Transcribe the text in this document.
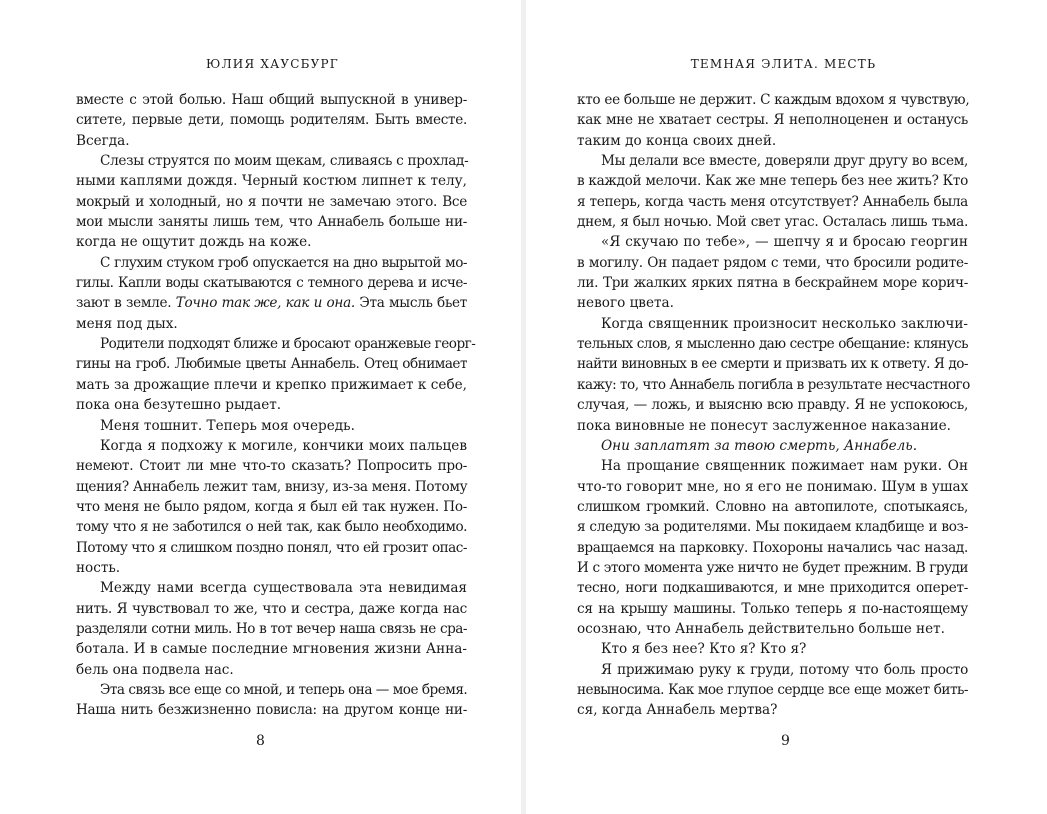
ЮЛИЯ ХАУСБУРГ
вместе с этой болью. Наш общий выпускной в универ-
ситете, первые дети, помощь родителям. Быть вместе.
Всегда.
Слезы струятся по моим щекам, сливаясь с прохлад-
ными каплями дождя. Черный костюм липнет к телу,
мокрый и холодный, но я почти не замечаю этого. Все
мои мысли заняты лишь тем, что Аннабель больше ни-
когда не ощутит дождь на коже.
С глухим стуком гроб опускается на дно вырытой мо-
гилы. Капли воды скатываются с темного дерева и исче-
зают в земле. Точно так же, как и она. Эта мысль бьет
меня под дых.
Родители подходят ближе и бросают оранжевые георг-
гины на гроб. Любимые цветы Аннабель. Отец обнимает
мать за дрожащие плечи и крепко прижимает к себе,
пока она безутешно рыдает.
Меня тошнит. Теперь моя очередь.
Когда я подхожу к могиле, кончики моих пальцев
немеют. Стоит ли мне что-то сказать? Попросить про-
щения? Аннабель лежит там, внизу, из-за меня. Потому
что меня не было рядом, когда я был ей так нужен. По-
тому что я не заботился о ней так, как было необходимо.
Потому что я слишком поздно понял, что ей грозит опас-
ность.
Между нами всегда существовала эта невидимая
нить. Я чувствовал то же, что и сестра, даже когда нас
разделяли сотни миль. Но в тот вечер наша связь не сра-
ботала. И в самые последние мгновения жизни Анна-
бель она подвела нас.
Эта связь все еще со мной, и теперь она — мое бремя.
Наша нить безжизненно повисла: на другом конце ни-
8
ТЕМНАЯ ЭЛИТА. МЕСТЬ
кто ее больше не держит. С каждым вдохом я чувствую,
как мне не хватает сестры. Я неполноценен и останусь
таким до конца своих дней.
Мы делали все вместе, доверяли друг другу во всем,
в каждой мелочи. Как же мне теперь без нее жить? Кто
я теперь, когда часть меня отсутствует? Аннабель была
днем, я был ночью. Мой свет угас. Осталась лишь тьма.
«Я скучаю по тебе», — шепчу я и бросаю георгин
в могилу. Он падает рядом с теми, что бросили родите-
ли. Три жалких ярких пятна в бескрайнем море корич-
невого цвета.
Когда священник произносит несколько заключи-
тельных слов, я мысленно даю сестре обещание: клянусь
найти виновных в ее смерти и призвать их к ответу. Я до-
кажу: то, что Аннабель погибла в результате несчастного
случая, — ложь, и выясню всю правду. Я не успокоюсь,
пока виновные не понесут заслуженное наказание.
Они заплатят за твою смерть, Аннабель.
На прощание священник пожимает нам руки. Он
что-то говорит мне, но я его не понимаю. Шум в ушах
слишком громкий. Словно на автопилоте, спотыкаясь,
я следую за родителями. Мы покидаем кладбище и воз-
вращаемся на парковку. Похороны начались час назад.
И с этого момента уже ничто не будет прежним. В груди
тесно, ноги подкашиваются, и мне приходится оперет-
ся на крышу машины. Только теперь я по-настоящему
осознаю, что Аннабель действительно больше нет.
Кто я без нее? Кто я? Кто я?
Я прижимаю руку к груди, потому что боль просто
невыносима. Как мое глупое сердце все еще может бить-
ся, когда Аннабель мертва?
9
